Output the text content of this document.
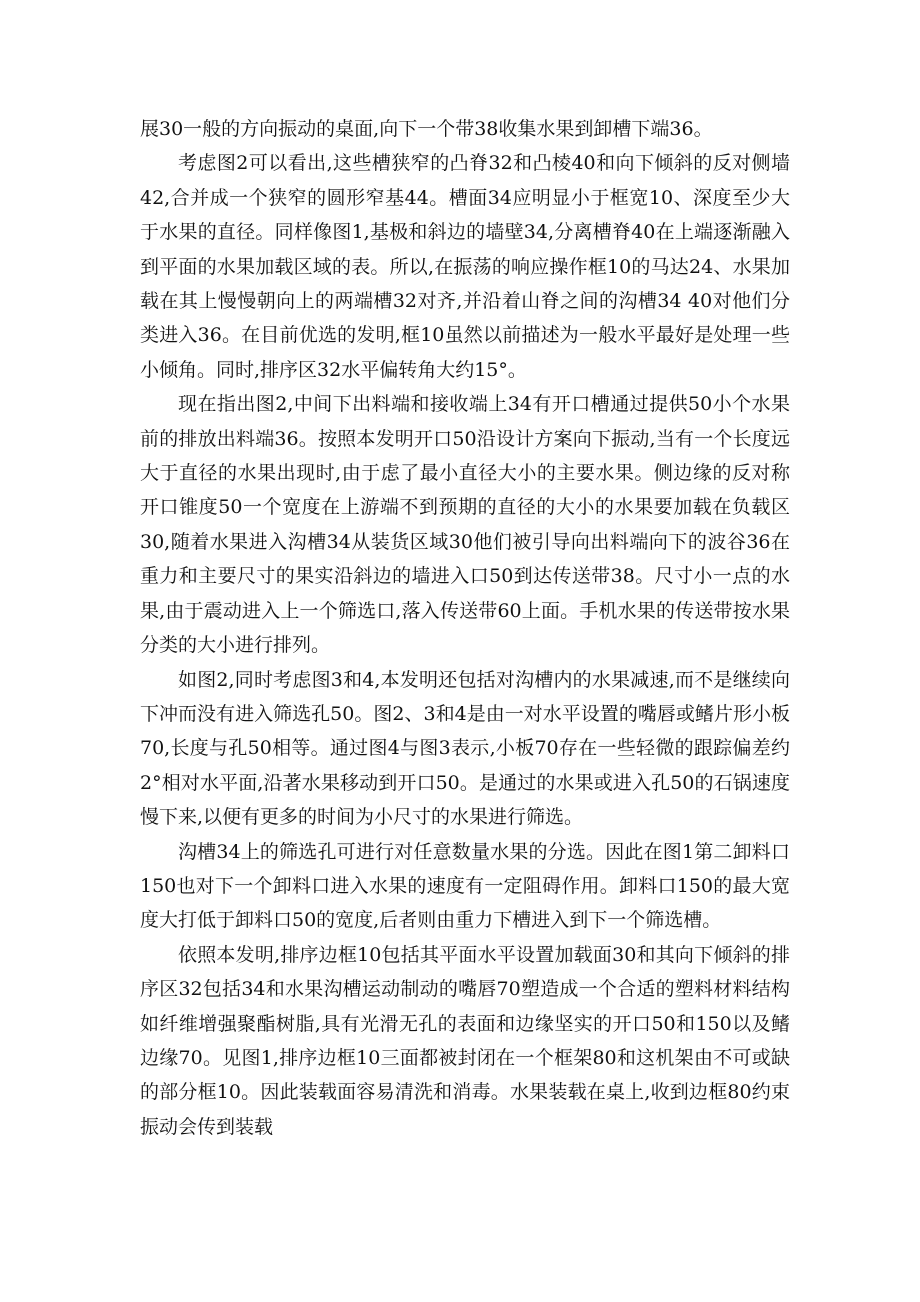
展30一般的方向振动的桌面,向下一个带38收集水果到卸槽下端36。

考虑图2可以看出,这些槽狭窄的凸脊32和凸棱40和向下倾斜的反对侧墙42,合并成一个狭窄的圆形窄基44。槽面34应明显小于框宽10、深度至少大于水果的直径。同样像图1,基极和斜边的墙壁34,分离槽脊40在上端逐渐融入到平面的水果加载区域的表。所以,在振荡的响应操作框10的马达24、水果加载在其上慢慢朝向上的两端槽32对齐,并沿着山脊之间的沟槽34 40对他们分类进入36。在目前优选的发明,框10虽然以前描述为一般水平最好是处理一些小倾角。同时,排序区32水平偏转角大约15°。

现在指出图2,中间下出料端和接收端上34有开口槽通过提供50小个水果前的排放出料端36。按照本发明开口50沿设计方案向下振动,当有一个长度远大于直径的水果出现时,由于虑了最小直径大小的主要水果。侧边缘的反对称开口锥度50一个宽度在上游端不到预期的直径的大小的水果要加载在负载区30,随着水果进入沟槽34从装货区域30他们被引导向出料端向下的波谷36在重力和主要尺寸的果实沿斜边的墙进入口50到达传送带38。尺寸小一点的水果,由于震动进入上一个筛选口,落入传送带60上面。手机水果的传送带按水果分类的大小进行排列。

如图2,同时考虑图3和4,本发明还包括对沟槽内的水果减速,而不是继续向下冲而没有进入筛选孔50。图2、3和4是由一对水平设置的嘴唇或鳍片形小板70,长度与孔50相等。通过图4与图3表示,小板70存在一些轻微的跟踪偏差约2°相对水平面,沿著水果移动到开口50。是通过的水果或进入孔50的石锅速度慢下来,以便有更多的时间为小尺寸的水果进行筛选。

沟槽34上的筛选孔可进行对任意数量水果的分选。因此在图1第二卸料口150也对下一个卸料口进入水果的速度有一定阻碍作用。卸料口150的最大宽度大打低于卸料口50的宽度,后者则由重力下槽进入到下一个筛选槽。

依照本发明,排序边框10包括其平面水平设置加载面30和其向下倾斜的排序区32包括34和水果沟槽运动制动的嘴唇70塑造成一个合适的塑料材料结构如纤维增强聚酯树脂,具有光滑无孔的表面和边缘坚实的开口50和150以及鳍边缘70。见图1,排序边框10三面都被封闭在一个框架80和这机架由不可或缺的部分框10。因此装载面容易清洗和消毒。水果装载在桌上,收到边框80约束振动会传到装载
